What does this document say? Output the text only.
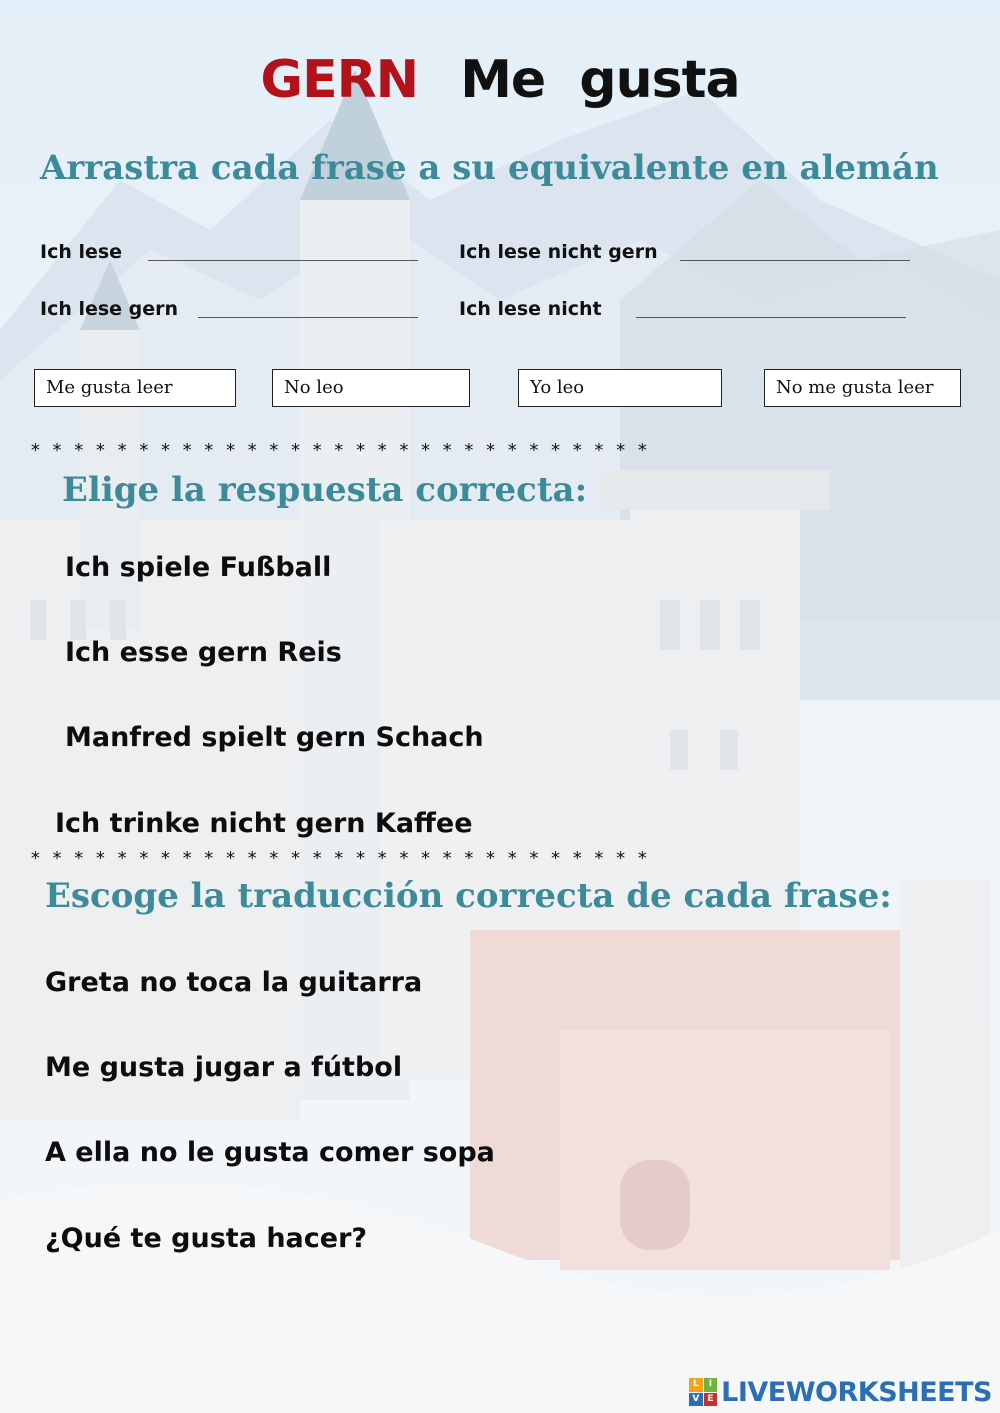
GERN Me  gusta
Arrastra cada frase a su equivalente en alemán
Ich lese	Ich lese nicht gern
Ich lese gern	Ich lese nicht
Me gusta leer	No leo	Yo leo	No me gusta leer
* * * * * * * * * * * * * * * * * * * * * * * * * * * * *
Elige la respuesta correcta:
Ich spiele Fußball
Ich esse gern Reis
Manfred spielt gern Schach
Ich trinke nicht gern Kaffee
* * * * * * * * * * * * * * * * * * * * * * * * * * * * *
Escoge la traducción correcta de cada frase:
Greta no toca la guitarra
Me gusta jugar a fútbol
A ella no le gusta comer sopa
¿Qué te gusta hacer?
L	I
V E LIVEWORKSHEETS
